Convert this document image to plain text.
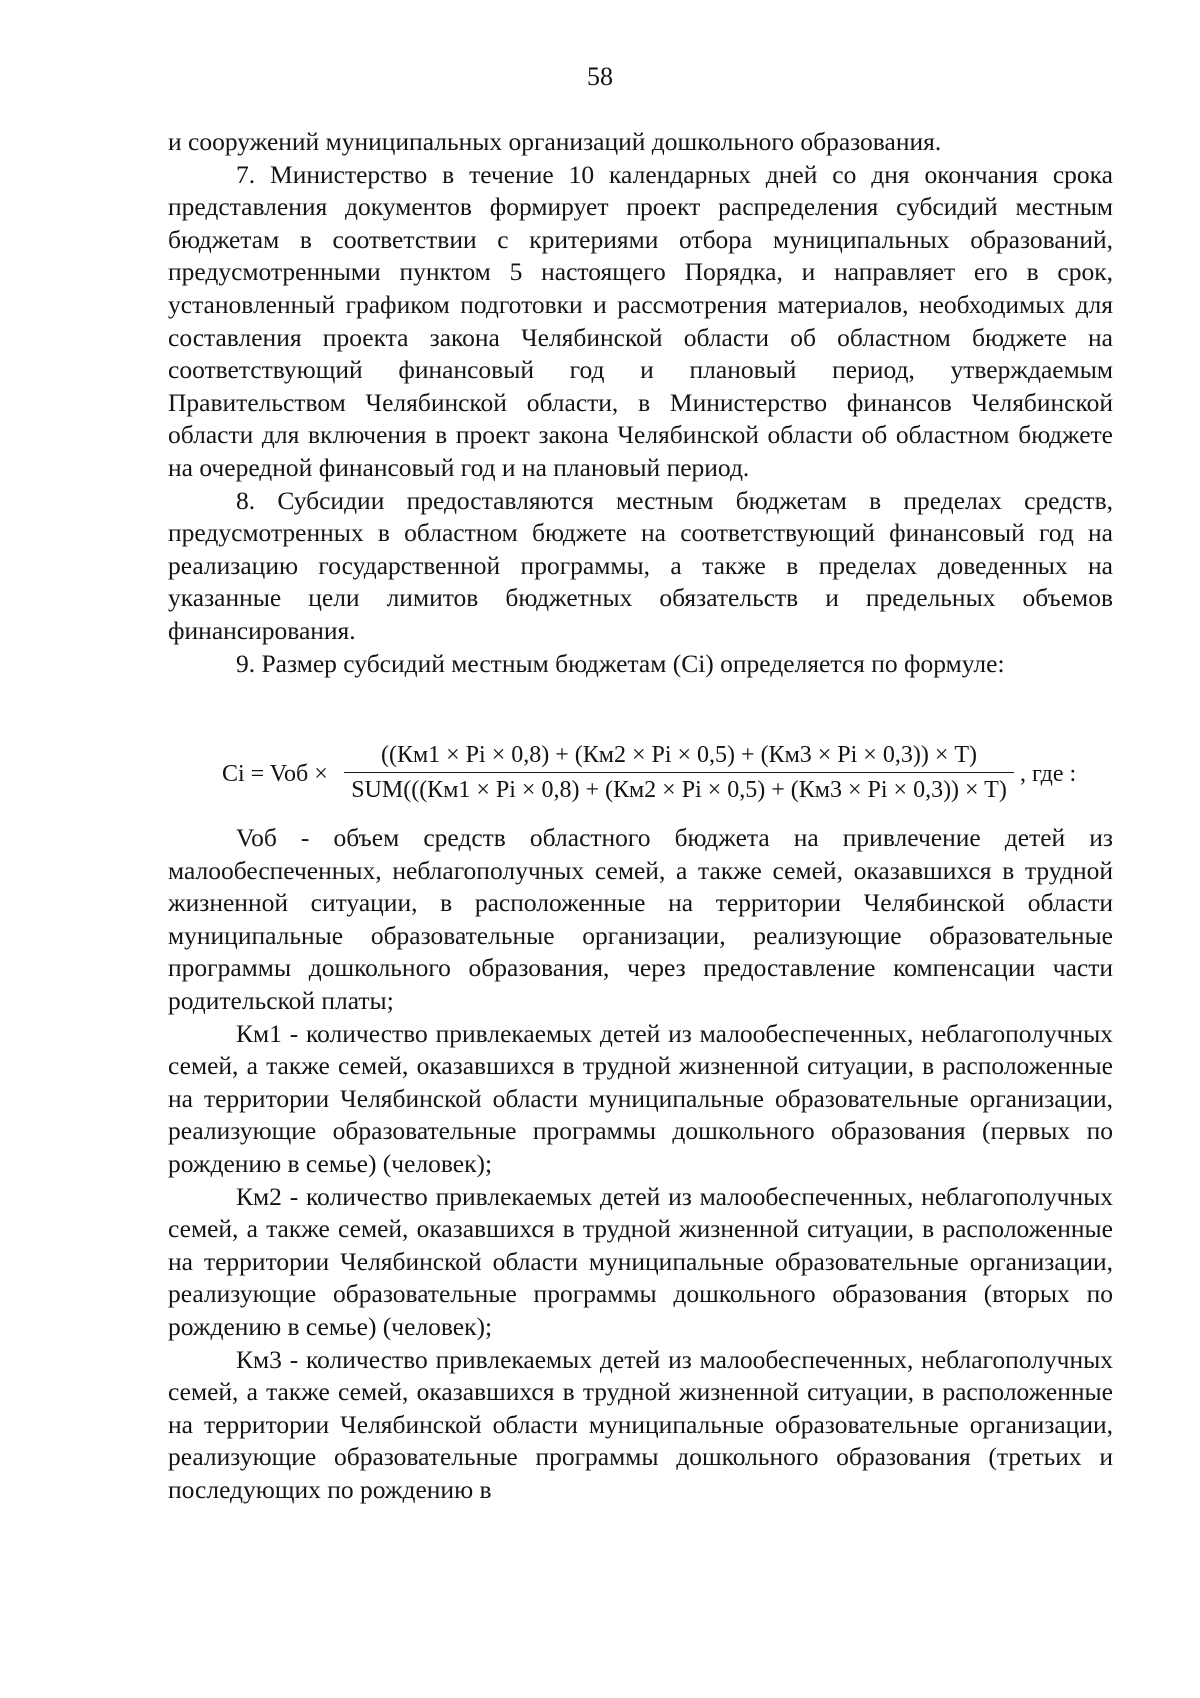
58

и сооружений муниципальных организаций дошкольного образования.

7. Министерство в течение 10 календарных дней со дня окончания срока представления документов формирует проект распределения субсидий местным бюджетам в соответствии с критериями отбора муниципальных образований, предусмотренными пунктом 5 настоящего Порядка, и направляет его в срок, установленный графиком подготовки и рассмотрения материалов, необходимых для составления проекта закона Челябинской области об областном бюджете на соответствующий финансовый год и плановый период, утверждаемым Правительством Челябинской области, в Министерство финансов Челябинской области для включения в проект закона Челябинской области об областном бюджете на очередной финансовый год и на плановый период.

8. Субсидии предоставляются местным бюджетам в пределах средств, предусмотренных в областном бюджете на соответствующий финансовый год на реализацию государственной программы, а также в пределах доведенных на указанные цели лимитов бюджетных обязательств и предельных объемов финансирования.

9. Размер субсидий местным бюджетам (Ci) определяется по формуле:

Ci = Voб ×
((Км1 × Pi × 0,8) + (Км2 × Pi × 0,5) + (Км3 × Pi × 0,3)) × T)
SUM(((Км1 × Pi × 0,8) + (Км2 × Pi × 0,5) + (Км3 × Pi × 0,3)) × T)
, где :

Voб - объем средств областного бюджета на привлечение детей из малообеспеченных, неблагополучных семей, а также семей, оказавшихся в трудной жизненной ситуации, в расположенные на территории Челябинской области муниципальные образовательные организации, реализующие образовательные программы дошкольного образования, через предоставление компенсации части родительской платы;

Км1 - количество привлекаемых детей из малообеспеченных, неблагополучных семей, а также семей, оказавшихся в трудной жизненной ситуации, в расположенные на территории Челябинской области муниципальные образовательные организации, реализующие образовательные программы дошкольного образования (первых по рождению в семье) (человек);

Км2 - количество привлекаемых детей из малообеспеченных, неблагополучных семей, а также семей, оказавшихся в трудной жизненной ситуации, в расположенные на территории Челябинской области муниципальные образовательные организации, реализующие образовательные программы дошкольного образования (вторых по рождению в семье) (человек);

Км3 - количество привлекаемых детей из малообеспеченных, неблагополучных семей, а также семей, оказавшихся в трудной жизненной ситуации, в расположенные на территории Челябинской области муниципальные образовательные организации, реализующие образовательные программы дошкольного образования (третьих и последующих по рождению в
